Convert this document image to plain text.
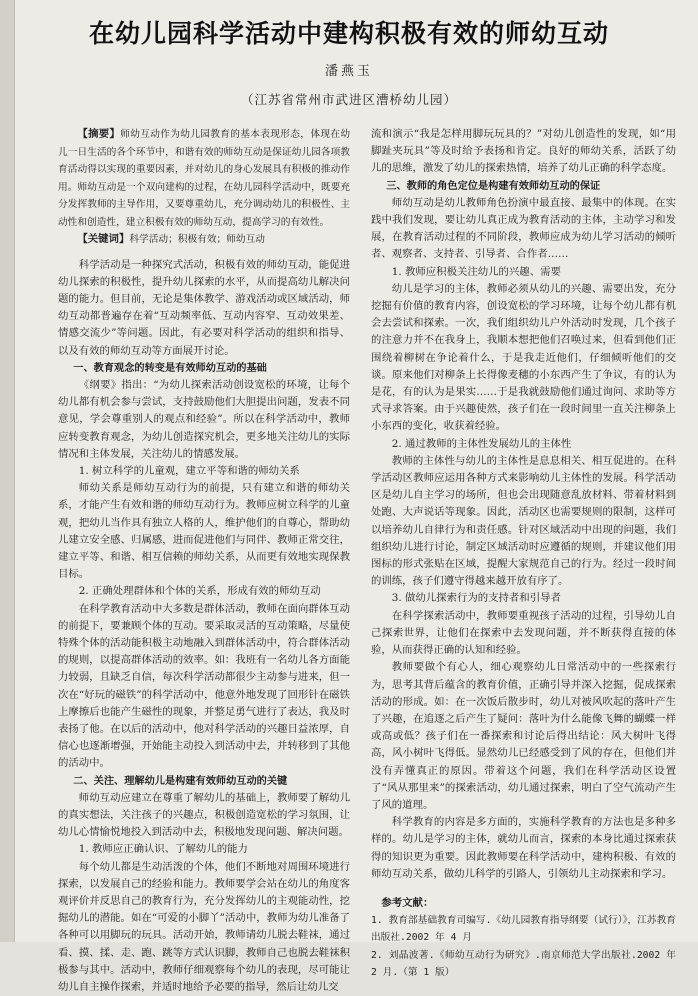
在幼儿园科学活动中建构积极有效的师幼互动
潘燕玉
（江苏省常州市武进区漕桥幼儿园）

【摘要】师幼互动作为幼儿园教育的基本表现形态，体现在幼儿一日生活的各个环节中，和谐有效的师幼互动是保证幼儿园各项教育活动得以实现的重要因素，并对幼儿的身心发展具有积极的推动作用。师幼互动是一个双向建构的过程，在幼儿园科学活动中，既要充分发挥教师的主导作用，又要尊重幼儿，充分调动幼儿的积极性、主动性和创造性，建立积极有效的师幼互动，提高学习的有效性。

【关键词】科学活动；积极有效；师幼互动

科学活动是一种探究式活动，积极有效的师幼互动，能促进幼儿探索的积极性，提升幼儿探索的水平，从而提高幼儿解决问题的能力。但目前，无论是集体教学、游戏活动或区域活动，师幼互动都普遍存在着“互动频率低、互动内容窄、互动效果差、情感交流少”等问题。因此，有必要对科学活动的组织和指导、以及有效的师幼互动等方面展开讨论。

一、教育观念的转变是有效师幼互动的基础

《纲要》指出：“为幼儿探索活动创设宽松的环境，让每个幼儿都有机会参与尝试，支持鼓励他们大胆提出问题，发表不同意见，学会尊重别人的观点和经验”。所以在科学活动中，教师应转变教育观念，为幼儿创造探究机会，更多地关注幼儿的实际情况和主体发展，关注幼儿的情感发展。

1. 树立科学的儿童观，建立平等和谐的师幼关系

师幼关系是师幼互动行为的前提，只有建立和谐的师幼关系，才能产生有效和谐的师幼互动行为。教师应树立科学的儿童观，把幼儿当作具有独立人格的人，维护他们的自尊心，帮助幼儿建立安全感、归属感，进而促进他们与同伴、教师正常交往，建立平等、和谐、相互信赖的师幼关系，从而更有效地实现保教目标。

2. 正确处理群体和个体的关系，形成有效的师幼互动

在科学教育活动中大多数是群体活动，教师在面向群体互动的前提下，要兼顾个体的互动。要采取灵活的互动策略，尽量使特殊个体的活动能积极主动地融入到群体活动中，符合群体活动的规则，以提高群体活动的效率。如：我班有一名幼儿各方面能力较弱，且缺乏自信，每次科学活动都很少主动参与进来，但一次在“好玩的磁铁”的科学活动中，他意外地发现了回形针在磁铁上摩擦后也能产生磁性的现象，并整足勇气进行了表达，我及时表扬了他。在以后的活动中，他对科学活动的兴趣日益浓厚，自信心也逐渐增强，开始能主动投入到活动中去，并转移到了其他的活动中。

二、关注、理解幼儿是构建有效师幼互动的关键

师幼互动应建立在尊重了解幼儿的基础上，教师要了解幼儿的真实想法，关注孩子的兴趣点，积极创造宽松的学习氛围，让幼儿心情愉悦地投入到活动中去，积极地发现问题、解决问题。

1. 教师应正确认识、了解幼儿的能力

每个幼儿都是生动活泼的个体，他们不断地对周围环境进行探索，以发展自己的经验和能力。教师要学会站在幼儿的角度客观评价并反思自己的教育行为，充分发挥幼儿的主观能动性，挖掘幼儿的潜能。如在“可爱的小脚丫”活动中，教师为幼儿准备了各种可以用脚玩的玩具。活动开始，教师请幼儿脱去鞋袜，通过看、摸、揉、走、跑、跳等方式认识脚，教师自己也脱去鞋袜积极参与其中。活动中，教师仔细观察每个幼儿的表现，尽可能让幼儿自主操作探索，并适时地给予必要的指导，然后让幼儿交

流和演示“我是怎样用脚玩玩具的？”对幼儿创造性的发现，如“用脚趾夹玩具”等及时给予表扬和肯定。良好的师幼关系，活跃了幼儿的思维，激发了幼儿的探索热情，培养了幼儿正确的科学态度。

三、教师的角色定位是构建有效师幼互动的保证

师幼互动是幼儿教师角色扮演中最直接、最集中的体现。在实践中我们发现，要让幼儿真正成为教育活动的主体，主动学习和发展，在教育活动过程的不同阶段，教师应成为幼儿学习活动的倾听者、观察者、支持者、引导者、合作者……

1. 教师应积极关注幼儿的兴趣、需要

幼儿是学习的主体，教师必须从幼儿的兴趣、需要出发，充分挖掘有价值的教育内容，创设宽松的学习环境，让每个幼儿都有机会去尝试和探索。一次，我们组织幼儿户外活动时发现，几个孩子的注意力并不在我身上，我顺本想把他们召唤过来，但看到他们正围绕着柳树在争论着什么，于是我走近他们，仔细倾听他们的交谈。原来他们对柳条上长得像麦穗的小东西产生了争议，有的认为是花，有的认为是果实……于是我就鼓励他们通过询问、求助等方式寻求答案。由于兴趣使然，孩子们在一段时间里一直关注柳条上小东西的变化，收获着经验。

2. 通过教师的主体性发展幼儿的主体性

教师的主体性与幼儿的主体性是息息相关、相互促进的。在科学活动区教师应运用各种方式来影响幼儿主体性的发展。科学活动区是幼儿自主学习的场所，但也会出现随意乱放材料、带着材料到处跑、大声说话等现象。因此，活动区也需要规则的限制，这样可以培养幼儿自律行为和责任感。针对区域活动中出现的问题，我们组织幼儿进行讨论，制定区域活动时应遵循的规则，并建议他们用图标的形式张贴在区域，提醒大家规范自己的行为。经过一段时间的训练，孩子们遵守得越来越开放有序了。

3. 做幼儿探索行为的支持者和引导者

在科学探索活动中，教师要重视孩子活动的过程，引导幼儿自己探索世界，让他们在探索中去发现问题，并不断获得直接的体验，从而获得正确的认知和经验。

教师要做个有心人，细心观察幼儿日常活动中的一些探索行为，思考其背后蕴含的教育价值，正确引导并深入挖掘，促成探索活动的形成。如：在一次饭后散步时，幼儿对被风吹起的落叶产生了兴趣，在追逐之后产生了疑问：落叶为什么能像飞舞的蝴蝶一样或高或低？孩子们在一番探索和讨论后得出结论：风大树叶飞得高，风小树叶飞得低。显然幼儿已经感受到了风的存在，但他们并没有弄懂真正的原因。带着这个问题，我们在科学活动区设置了“风从那里来”的探索活动，幼儿通过探索，明白了空气流动产生了风的道理。

科学教育的内容是多方面的，实施科学教育的方法也是多种多样的。幼儿是学习的主体，就幼儿而言，探索的本身比通过探索获得的知识更为重要。因此教师要在科学活动中，建构积极、有效的师幼互动关系，做幼儿科学的引路人，引领幼儿主动探索和学习。

参考文献：

1. 教育部基础教育司编写.《幼儿园教育指导纲要（试行）》，江苏教育出版社.2002 年 4 月

2. 刘晶波著.《师幼互动行为研究》.南京师范大学出版社.2002 年 2 月.（第 1 版）
